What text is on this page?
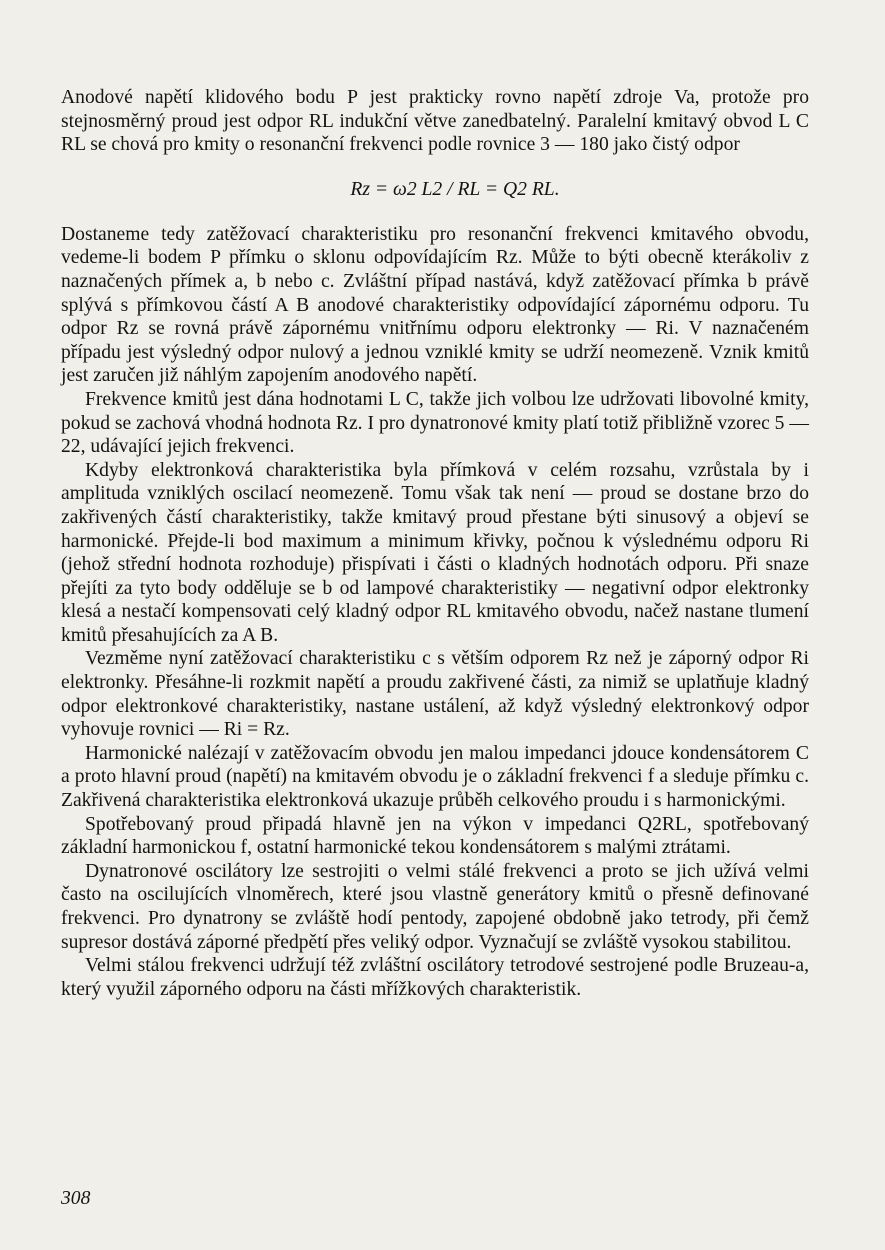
Anodové napětí klidového bodu P jest prakticky rovno napětí zdroje Va, protože pro stejnosměrný proud jest odpor RL indukční větve zanedbatelný. Paralelní kmitavý obvod L C RL se chová pro kmity o resonanční frekvenci podle rovnice 3 — 180 jako čistý odpor

Rz = ω2 L2 / RL = Q2 RL.

Dostaneme tedy zatěžovací charakteristiku pro resonanční frekvenci kmitavého obvodu, vedeme-li bodem P přímku o sklonu odpovídajícím Rz. Může to býti obecně kterákoliv z naznačených přímek a, b nebo c. Zvláštní případ nastává, když zatěžovací přímka b právě splývá s přímkovou částí A B anodové charakteristiky odpovídající zápornému odporu. Tu odpor Rz se rovná právě zápornému vnitřnímu odporu elektronky — Ri. V naznačeném případu jest výsledný odpor nulový a jednou vzniklé kmity se udrží neomezeně. Vznik kmitů jest zaručen již náhlým zapojením anodového napětí.

Frekvence kmitů jest dána hodnotami L C, takže jich volbou lze udržovati libovolné kmity, pokud se zachová vhodná hodnota Rz. I pro dynatronové kmity platí totiž přibližně vzorec 5 — 22, udávající jejich frekvenci.

Kdyby elektronková charakteristika byla přímková v celém rozsahu, vzrůstala by i amplituda vzniklých oscilací neomezeně. Tomu však tak není — proud se dostane brzo do zakřivených částí charakteristiky, takže kmitavý proud přestane býti sinusový a objeví se harmonické. Přejde-li bod maximum a minimum křivky, počnou k výslednému odporu Ri (jehož střední hodnota rozhoduje) přispívati i části o kladných hodnotách odporu. Při snaze přejíti za tyto body odděluje se b od lampové charakteristiky — negativní odpor elektronky klesá a nestačí kompensovati celý kladný odpor RL kmitavého obvodu, načež nastane tlumení kmitů přesahujících za A B.

Vezměme nyní zatěžovací charakteristiku c s větším odporem Rz než je záporný odpor Ri elektronky. Přesáhne-li rozkmit napětí a proudu zakřivené části, za nimiž se uplatňuje kladný odpor elektronkové charakteristiky, nastane ustálení, až když výsledný elektronkový odpor vyhovuje rovnici — Ri = Rz.

Harmonické nalézají v zatěžovacím obvodu jen malou impedanci jdouce kondensátorem C a proto hlavní proud (napětí) na kmitavém obvodu je o základní frekvenci f a sleduje přímku c. Zakřivená charakteristika elektronková ukazuje průběh celkového proudu i s harmonickými.

Spotřebovaný proud připadá hlavně jen na výkon v impedanci Q2RL, spotřebovaný základní harmonickou f, ostatní harmonické tekou kondensátorem s malými ztrátami.

Dynatronové oscilátory lze sestrojiti o velmi stálé frekvenci a proto se jich užívá velmi často na oscilujících vlnoměrech, které jsou vlastně generátory kmitů o přesně definované frekvenci. Pro dynatrony se zvláště hodí pentody, zapojené obdobně jako tetrody, při čemž supresor dostává záporné předpětí přes veliký odpor. Vyznačují se zvláště vysokou stabilitou.

Velmi stálou frekvenci udržují též zvláštní oscilátory tetrodové sestrojené podle Bruzeau-a, který využil záporného odporu na části mřížkových charakteristik.

308
